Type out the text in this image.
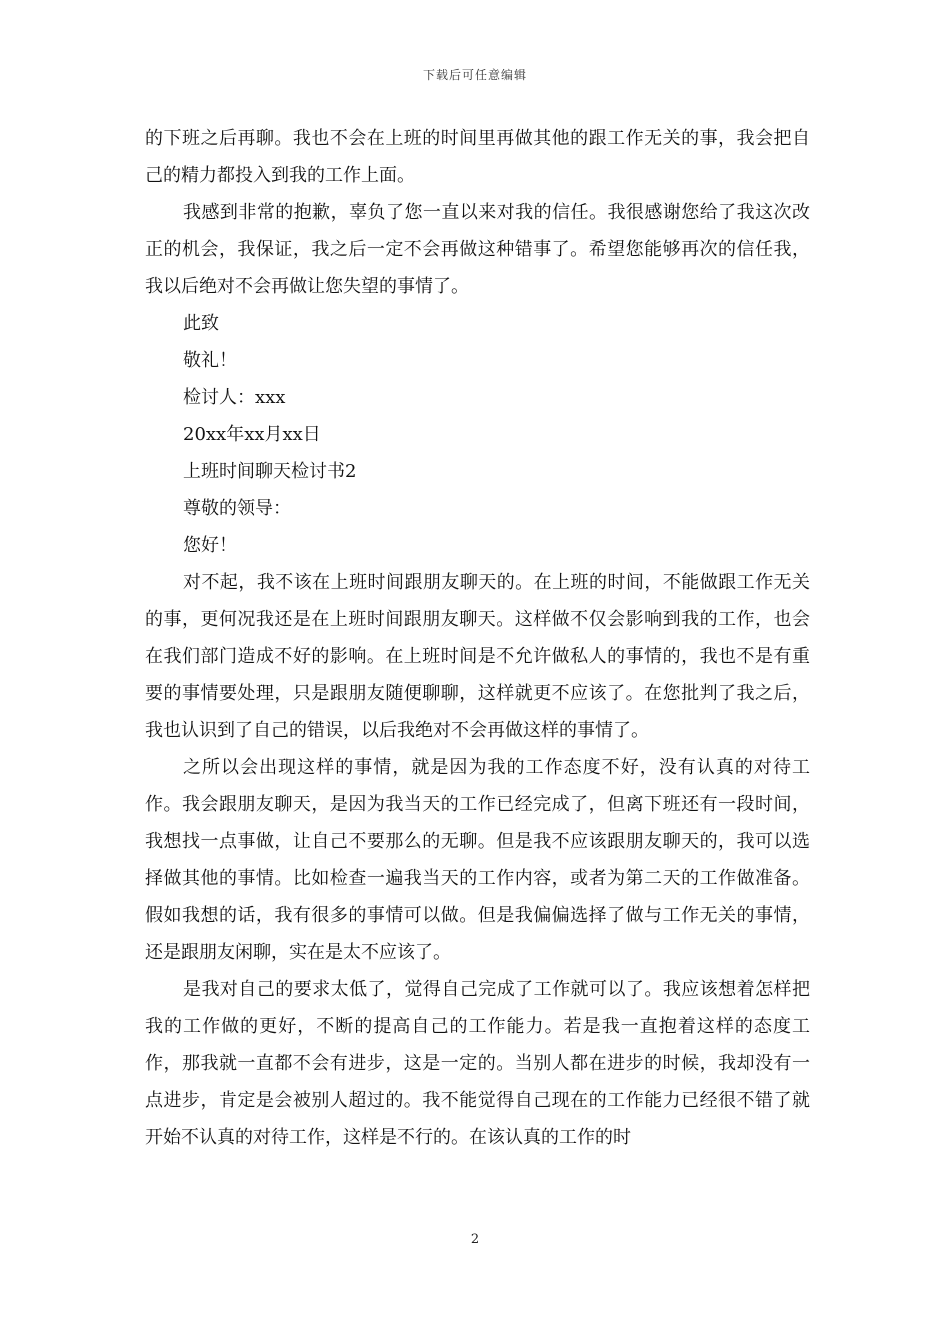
下载后可任意编辑

的下班之后再聊。我也不会在上班的时间里再做其他的跟工作无关的事，我会把自己的精力都投入到我的工作上面。

我感到非常的抱歉，辜负了您一直以来对我的信任。我很感谢您给了我这次改正的机会，我保证，我之后一定不会再做这种错事了。希望您能够再次的信任我，我以后绝对不会再做让您失望的事情了。

此致

敬礼！

检讨人：xxx

20xx年xx月xx日

上班时间聊天检讨书2

尊敬的领导：

您好！

对不起，我不该在上班时间跟朋友聊天的。在上班的时间，不能做跟工作无关的事，更何况我还是在上班时间跟朋友聊天。这样做不仅会影响到我的工作，也会在我们部门造成不好的影响。在上班时间是不允许做私人的事情的，我也不是有重要的事情要处理，只是跟朋友随便聊聊，这样就更不应该了。在您批判了我之后，我也认识到了自己的错误，以后我绝对不会再做这样的事情了。

之所以会出现这样的事情，就是因为我的工作态度不好，没有认真的对待工作。我会跟朋友聊天，是因为我当天的工作已经完成了，但离下班还有一段时间，我想找一点事做，让自己不要那么的无聊。但是我不应该跟朋友聊天的，我可以选择做其他的事情。比如检查一遍我当天的工作内容，或者为第二天的工作做准备。假如我想的话，我有很多的事情可以做。但是我偏偏选择了做与工作无关的事情，还是跟朋友闲聊，实在是太不应该了。

是我对自己的要求太低了，觉得自己完成了工作就可以了。我应该想着怎样把我的工作做的更好，不断的提高自己的工作能力。若是我一直抱着这样的态度工作，那我就一直都不会有进步，这是一定的。当别人都在进步的时候，我却没有一点进步，肯定是会被别人超过的。我不能觉得自己现在的工作能力已经很不错了就开始不认真的对待工作，这样是不行的。在该认真的工作的时

2
